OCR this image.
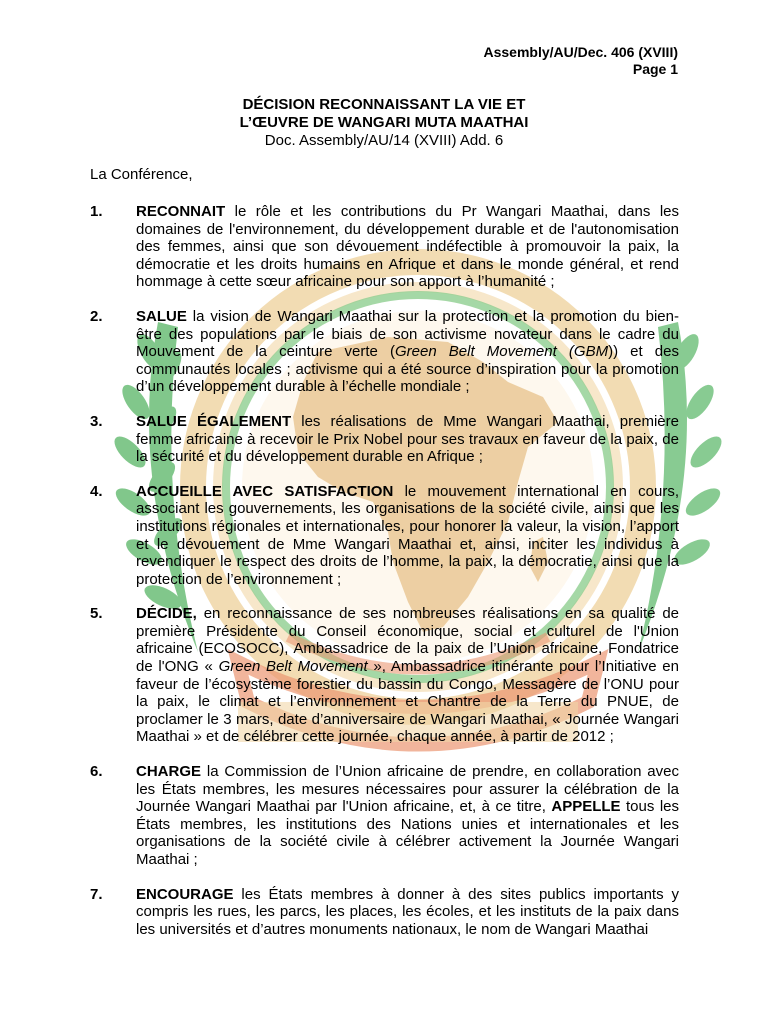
Assembly/AU/Dec. 406 (XVIII)
Page 1
DÉCISION RECONNAISSANT LA VIE ET
L’ŒUVRE DE WANGARI MUTA MAATHAI
Doc. Assembly/AU/14 (XVIII) Add. 6
La Conférence,
1. RECONNAIT le rôle et les contributions du Pr Wangari Maathai, dans les domaines de l'environnement, du développement durable et de l'autonomisation des femmes, ainsi que son dévouement indéfectible à promouvoir la paix, la démocratie et les droits humains en Afrique et dans le monde général, et rend hommage à cette sœur africaine pour son apport à l’humanité ;
2. SALUE la vision de Wangari Maathai sur la protection et la promotion du bien-être des populations par le biais de son activisme novateur dans le cadre du Mouvement de la ceinture verte (Green Belt Movement (GBM)) et des communautés locales ; activisme qui a été source d’inspiration pour la promotion d’un développement durable à l’échelle mondiale ;
3. SALUE ÉGALEMENT les réalisations de Mme Wangari Maathai, première femme africaine à recevoir le Prix Nobel pour ses travaux en faveur de la paix, de la sécurité et du développement durable en Afrique ;
4. ACCUEILLE AVEC SATISFACTION le mouvement international en cours, associant les gouvernements, les organisations de la société civile, ainsi que les institutions régionales et internationales, pour honorer la valeur, la vision, l’apport et le dévouement de Mme Wangari Maathai et, ainsi, inciter les individus à revendiquer le respect des droits de l’homme, la paix, la démocratie, ainsi que la protection de l’environnement ;
5. DÉCIDE, en reconnaissance de ses nombreuses réalisations en sa qualité de première Présidente du Conseil économique, social et culturel de l'Union africaine (ECOSOCC), Ambassadrice de la paix de l’Union africaine, Fondatrice de l'ONG « Green Belt Movement », Ambassadrice itinérante pour l’Initiative en faveur de l’écosystème forestier du bassin du Congo, Messagère de l’ONU pour la paix, le climat et l’environnement et Chantre de la Terre du PNUE, de proclamer le 3 mars, date d’anniversaire de Wangari Maathai, « Journée Wangari Maathai » et de célébrer cette journée, chaque année, à partir de 2012 ;
6. CHARGE la Commission de l’Union africaine de prendre, en collaboration avec les États membres, les mesures nécessaires pour assurer la célébration de la Journée Wangari Maathai par l'Union africaine, et, à ce titre, APPELLE tous les États membres, les institutions des Nations unies et internationales et les organisations de la société civile à célébrer activement la Journée Wangari Maathai ;
7. ENCOURAGE les États membres à donner à des sites publics importants y compris les rues, les parcs, les places, les écoles, et les instituts de la paix dans les universités et d’autres monuments nationaux, le nom de Wangari Maathai
